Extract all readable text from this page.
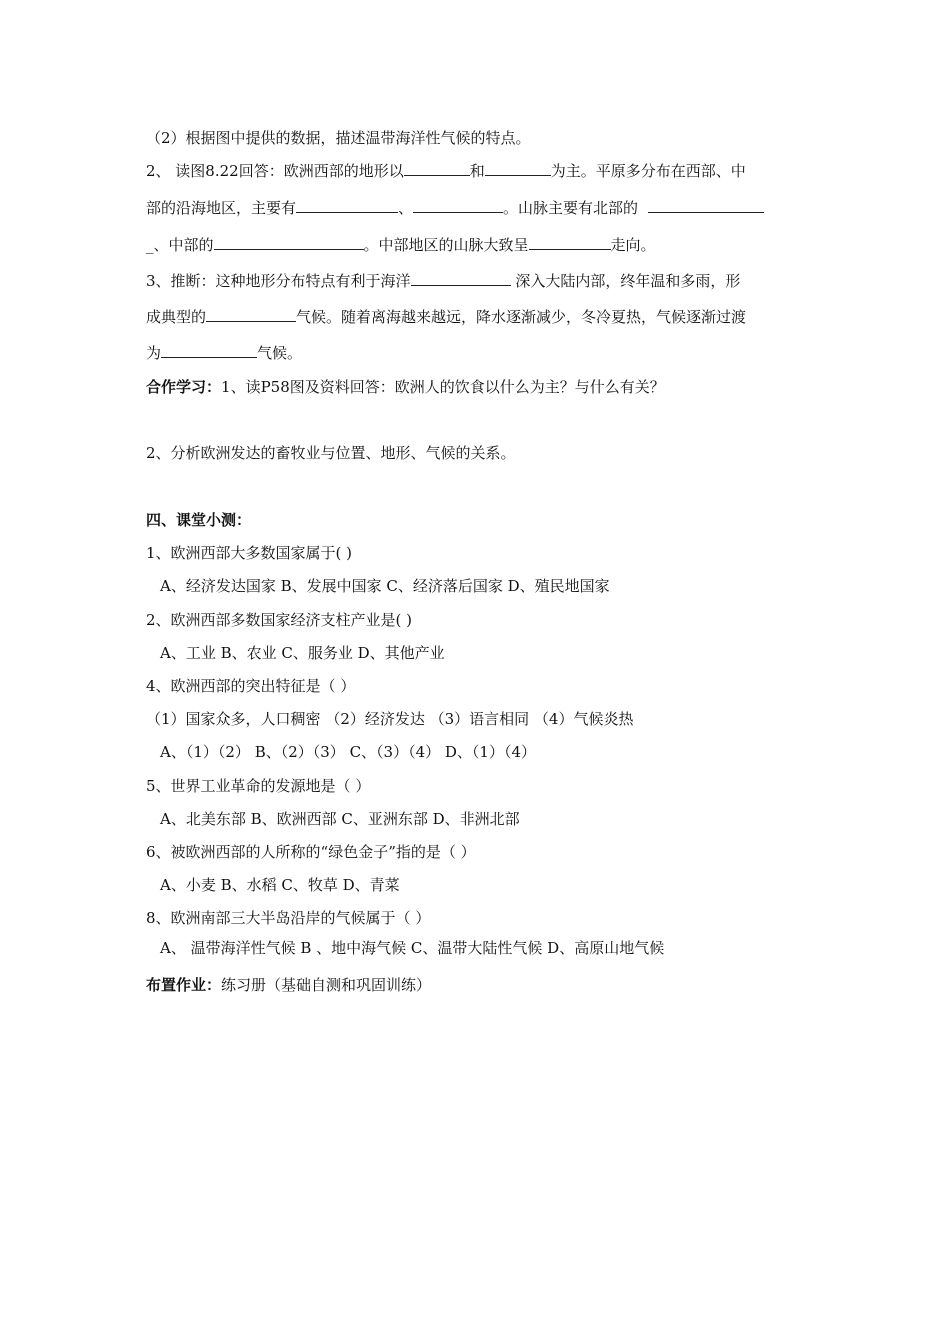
（2）根据图中提供的数据，描述温带海洋性气候的特点。
2、 读图8.22回答：欧洲西部的地形以	和	为主。平原多分布在西部、中
部的沿海地区，主要有	、	。山脉主要有北部的
_、中部的	。中部地区的山脉大致呈	走向。
3、推断：这种地形分布特点有利于海洋	深入大陆内部，终年温和多雨，形
成典型的	气候。随着离海越来越远，降水逐渐减少，冬冷夏热，气候逐渐过渡
为	气候。
合作学习：1、读P58图及资料回答：欧洲人的饮食以什么为主？与什么有关？
2、分析欧洲发达的畜牧业与位置、地形、气候的关系。
四、课堂小测：
1、欧洲西部大多数国家属于( )
A、经济发达国家 B、发展中国家 C、经济落后国家 D、殖民地国家
2、欧洲西部多数国家经济支柱产业是( )
A、工业 B、农业 C、服务业 D、其他产业
4、欧洲西部的突出特征是（ ）
（1）国家众多，人口稠密 （2）经济发达 （3）语言相同 （4）气候炎热
A、（1）（2） B、（2）（3） C、（3）（4） D、（1）（4）
5、世界工业革命的发源地是（ ）
A、北美东部 B、欧洲西部 C、亚洲东部 D、非洲北部
6、被欧洲西部的人所称的“绿色金子”指的是（ ）
A、小麦 B、水稻 C、牧草 D、青菜
8、欧洲南部三大半岛沿岸的气候属于（ ）
A、 温带海洋性气候 B 、地中海气候 C、温带大陆性气候 D、高原山地气候
布置作业：练习册（基础自测和巩固训练）
